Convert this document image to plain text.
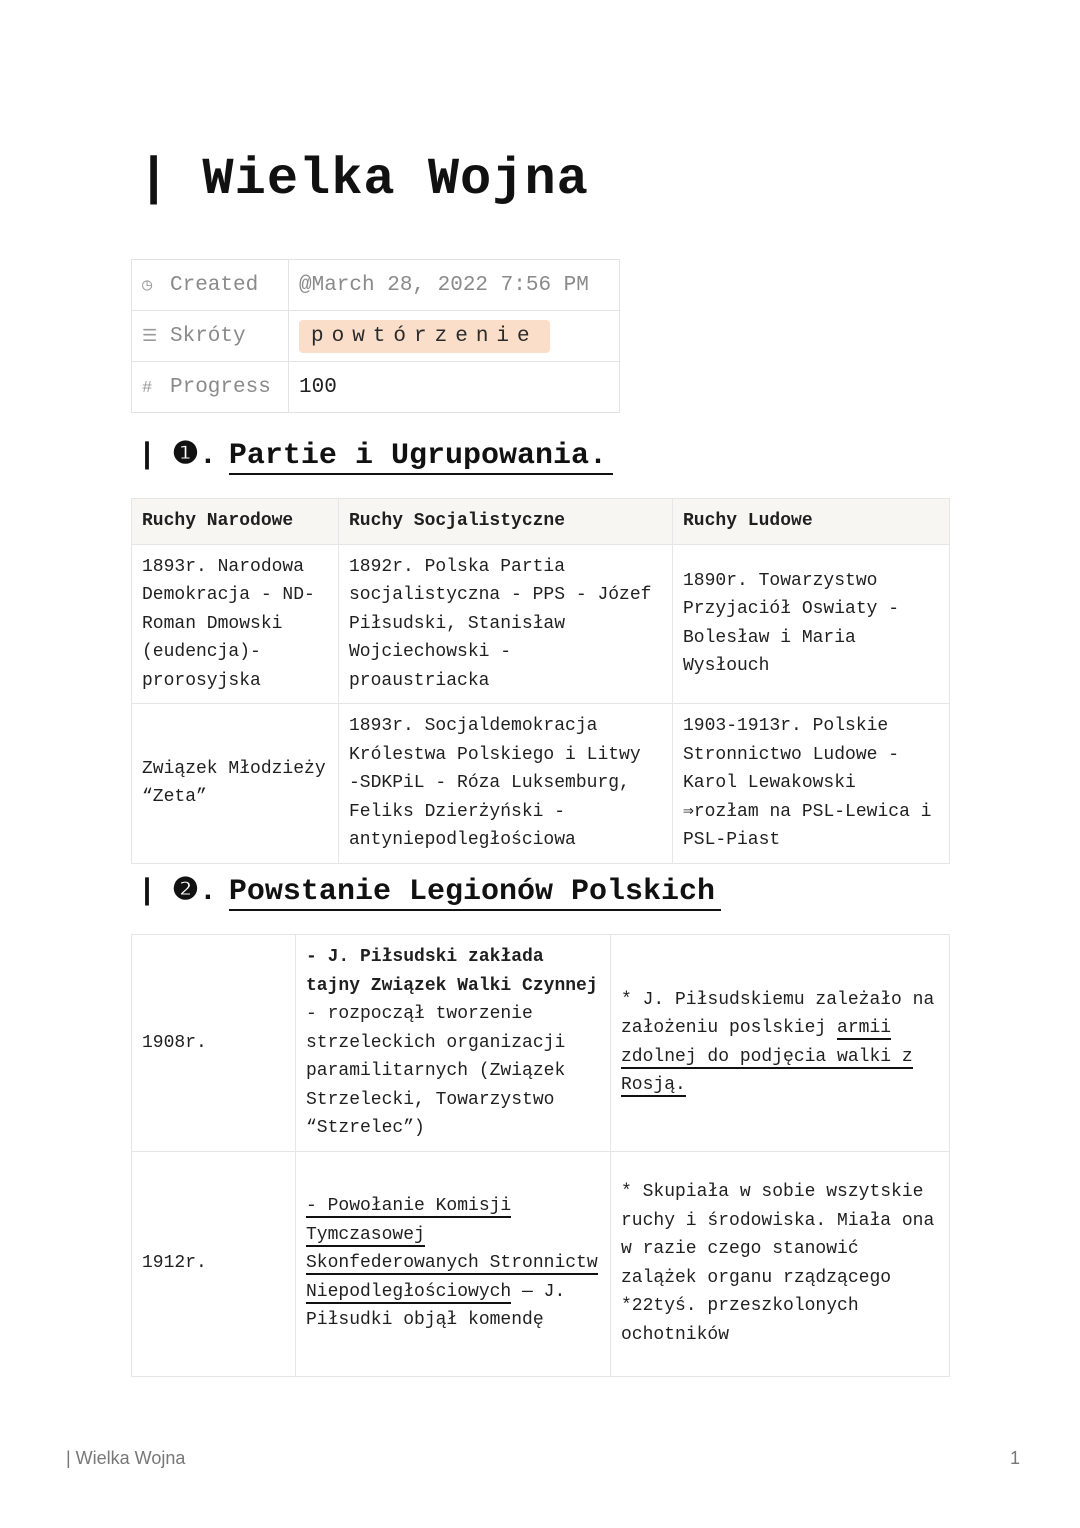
| Wielka Wojna
◷ Created	@March 28, 2022 7:56 PM
☰ Skróty	powtórzenie
# Progress	100
| ❶. Partie i Ugrupowania.
Ruchy Narodowe	Ruchy Socjalistyczne	Ruchy Ludowe
1893r. Narodowa Demokracja - ND- Roman Dmowski (eudencja)- prorosyjska	1892r. Polska Partia socjalistyczna - PPS - Józef Piłsudski, Stanisław Wojciechowski - proaustriacka	1890r. Towarzystwo Przyjaciół Oswiaty - Bolesław i Maria Wysłouch
Związek Młodzieży “Zeta”	1893r. Socjaldemokracja Królestwa Polskiego i Litwy -SDKPiL - Róza Luksemburg, Feliks Dzierżyński - antyniepodległościowa	1903-1913r. Polskie Stronnictwo Ludowe - Karol Lewakowski ⇒rozłam na PSL-Lewica i PSL-Piast
| ❷. Powstanie Legionów Polskich
1908r.	- J. Piłsudski zakłada tajny Związek Walki Czynnej - rozpoczął tworzenie strzeleckich organizacji paramilitarnych (Związek Strzelecki, Towarzystwo “Stzrelec”)	* J. Piłsudskiemu zależało na założeniu poslskiej armii zdolnej do podjęcia walki z Rosją.
1912r.	- Powołanie Komisji Tymczasowej Skonfederowanych Stronnictw Niepodległościowych — J. Piłsudki objął komendę	* Skupiała w sobie wszytskie ruchy i środowiska. Miała ona w razie czego stanowić zalążek organu rządzącego *22tyś. przeszkolonych ochotników
| Wielka Wojna	1
